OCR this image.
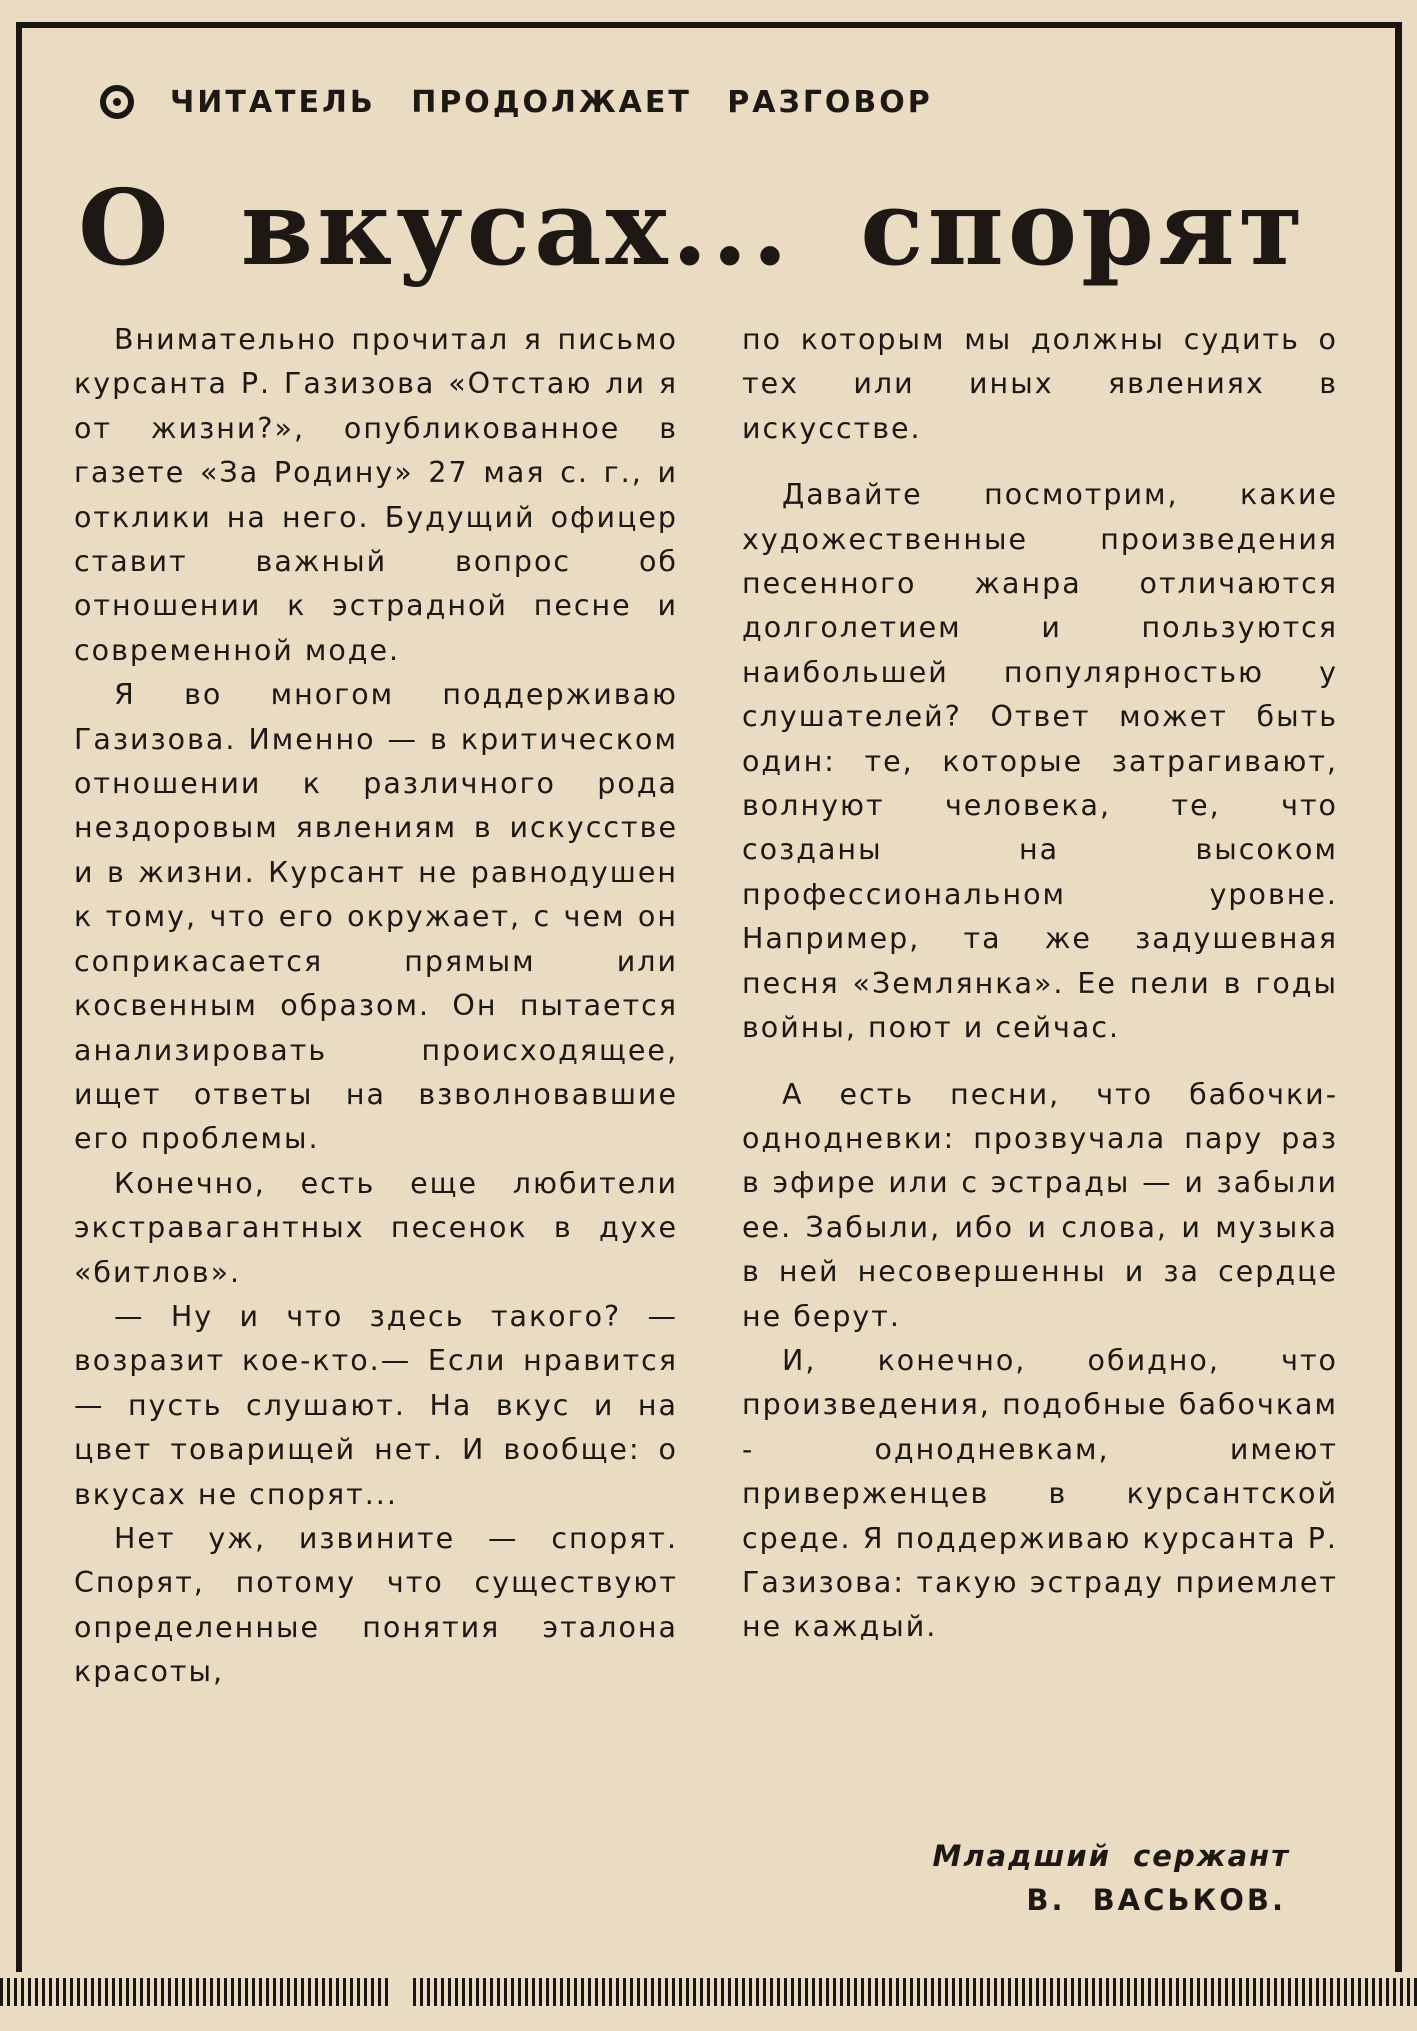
ЧИТАТЕЛЬ ПРОДОЛЖАЕТ РАЗГОВОР
О вкусах... спорят

Внимательно прочитал я письмо курсанта Р. Газизова «Отстаю ли я от жизни?», опубликованное в газете «За Родину» 27 мая с. г., и отклики на него. Будущий офицер ставит важный вопрос об отношении к эстрадной песне и современной моде.

Я во многом поддерживаю Газизова. Именно — в критическом отношении к различного рода нездоровым явлениям в искусстве и в жизни. Курсант не равнодушен к тому, что его окружает, с чем он соприкасается прямым или косвенным образом. Он пытается анализировать происходящее, ищет ответы на взволновавшие его проблемы.

Конечно, есть еще любители экстравагантных песенок в духе «битлов».

— Ну и что здесь такого? — возразит кое-кто.— Если нравится — пусть слушают. На вкус и на цвет товарищей нет. И вообще: о вкусах не спорят...

Нет уж, извините — спорят. Спорят, потому что существуют определенные понятия эталона красоты,

по которым мы должны судить о тех или иных явлениях в искусстве.

Давайте посмотрим, какие художественные произведения песенного жанра отличаются долголетием и пользуются наибольшей популярностью у слушателей? Ответ может быть один: те, которые затрагивают, волнуют человека, те, что созданы на высоком профессиональном уровне. Например, та же задушевная песня «Землянка». Ее пели в годы войны, поют и сейчас.

А есть песни, что бабочки-однодневки: прозвучала пару раз в эфире или с эстрады — и забыли ее. Забыли, ибо и слова, и музыка в ней несовершенны и за сердце не берут.

И, конечно, обидно, что произведения, подобные бабочкам - однодневкам, имеют приверженцев в курсантской среде. Я поддерживаю курсанта Р. Газизова: такую эстраду приемлет не каждый.

Младший сержант
В. ВАСЬКОВ.
